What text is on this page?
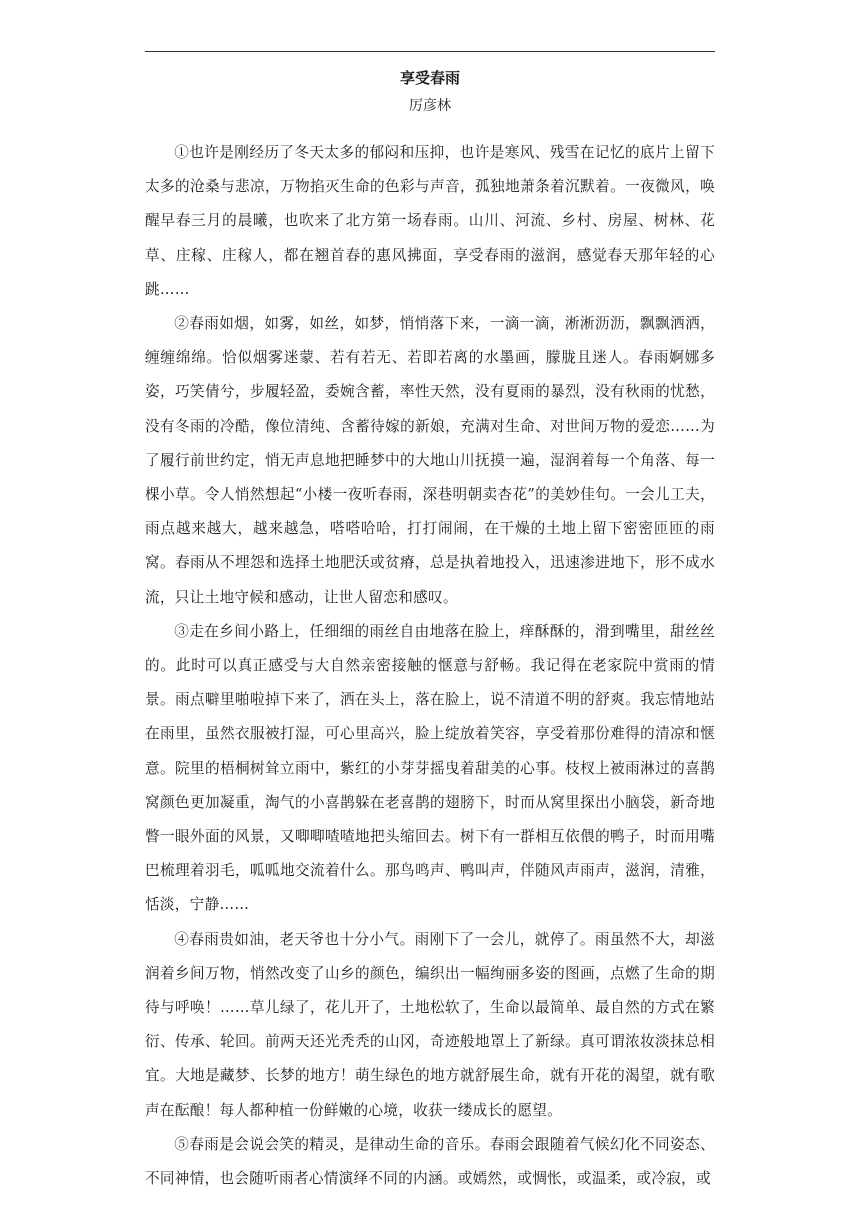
享受春雨
厉彦林

①也许是刚经历了冬天太多的郁闷和压抑，也许是寒风、残雪在记忆的底片上留下太多的沧桑与悲凉，万物掐灭生命的色彩与声音，孤独地萧条着沉默着。一夜微风，唤醒早春三月的晨曦，也吹来了北方第一场春雨。山川、河流、乡村、房屋、树林、花草、庄稼、庄稼人，都在翘首春的惠风拂面，享受春雨的滋润，感觉春天那年轻的心跳……

②春雨如烟，如雾，如丝，如梦，悄悄落下来，一滴一滴，淅淅沥沥，飘飘洒洒，缠缠绵绵。恰似烟雾迷蒙、若有若无、若即若离的水墨画，朦胧且迷人。春雨婀娜多姿，巧笑倩兮，步履轻盈，委婉含蓄，率性天然，没有夏雨的暴烈，没有秋雨的忧愁，没有冬雨的冷酷，像位清纯、含蓄待嫁的新娘，充满对生命、对世间万物的爱恋……为了履行前世约定，悄无声息地把睡梦中的大地山川抚摸一遍，湿润着每一个角落、每一棵小草。令人悄然想起“小楼一夜听春雨，深巷明朝卖杏花”的美妙佳句。一会儿工夫，雨点越来越大，越来越急，嗒嗒哈哈，打打闹闹，在干燥的土地上留下密密匝匝的雨窝。春雨从不埋怨和选择土地肥沃或贫瘠，总是执着地投入，迅速渗进地下，形不成水流，只让土地守候和感动，让世人留恋和感叹。

③走在乡间小路上，任细细的雨丝自由地落在脸上，痒酥酥的，滑到嘴里，甜丝丝的。此时可以真正感受与大自然亲密接触的惬意与舒畅。我记得在老家院中赏雨的情景。雨点噼里啪啦掉下来了，洒在头上，落在脸上，说不清道不明的舒爽。我忘情地站在雨里，虽然衣服被打湿，可心里高兴，脸上绽放着笑容，享受着那份难得的清凉和惬意。院里的梧桐树耸立雨中，紫红的小芽芽摇曳着甜美的心事。枝杈上被雨淋过的喜鹊窝颜色更加凝重，淘气的小喜鹊躲在老喜鹊的翅膀下，时而从窝里探出小脑袋，新奇地瞥一眼外面的风景，又唧唧喳喳地把头缩回去。树下有一群相互依偎的鸭子，时而用嘴巴梳理着羽毛，呱呱地交流着什么。那鸟鸣声、鸭叫声，伴随风声雨声，滋润，清雅，恬淡，宁静……

④春雨贵如油，老天爷也十分小气。雨刚下了一会儿，就停了。雨虽然不大，却滋润着乡间万物，悄然改变了山乡的颜色，编织出一幅绚丽多姿的图画，点燃了生命的期待与呼唤！……草儿绿了，花儿开了，土地松软了，生命以最简单、最自然的方式在繁衍、传承、轮回。前两天还光秃秃的山冈，奇迹般地罩上了新绿。真可谓浓妆淡抹总相宜。大地是藏梦、长梦的地方！萌生绿色的地方就舒展生命，就有开花的渴望，就有歌声在酝酿！每人都种植一份鲜嫩的心境，收获一缕成长的愿望。

⑤春雨是会说会笑的精灵，是律动生命的音乐。春雨会跟随着气候幻化不同姿态、不同神情，也会随听雨者心情演绎不同的内涵。或嫣然，或惆怅，或温柔，或冷寂，或
